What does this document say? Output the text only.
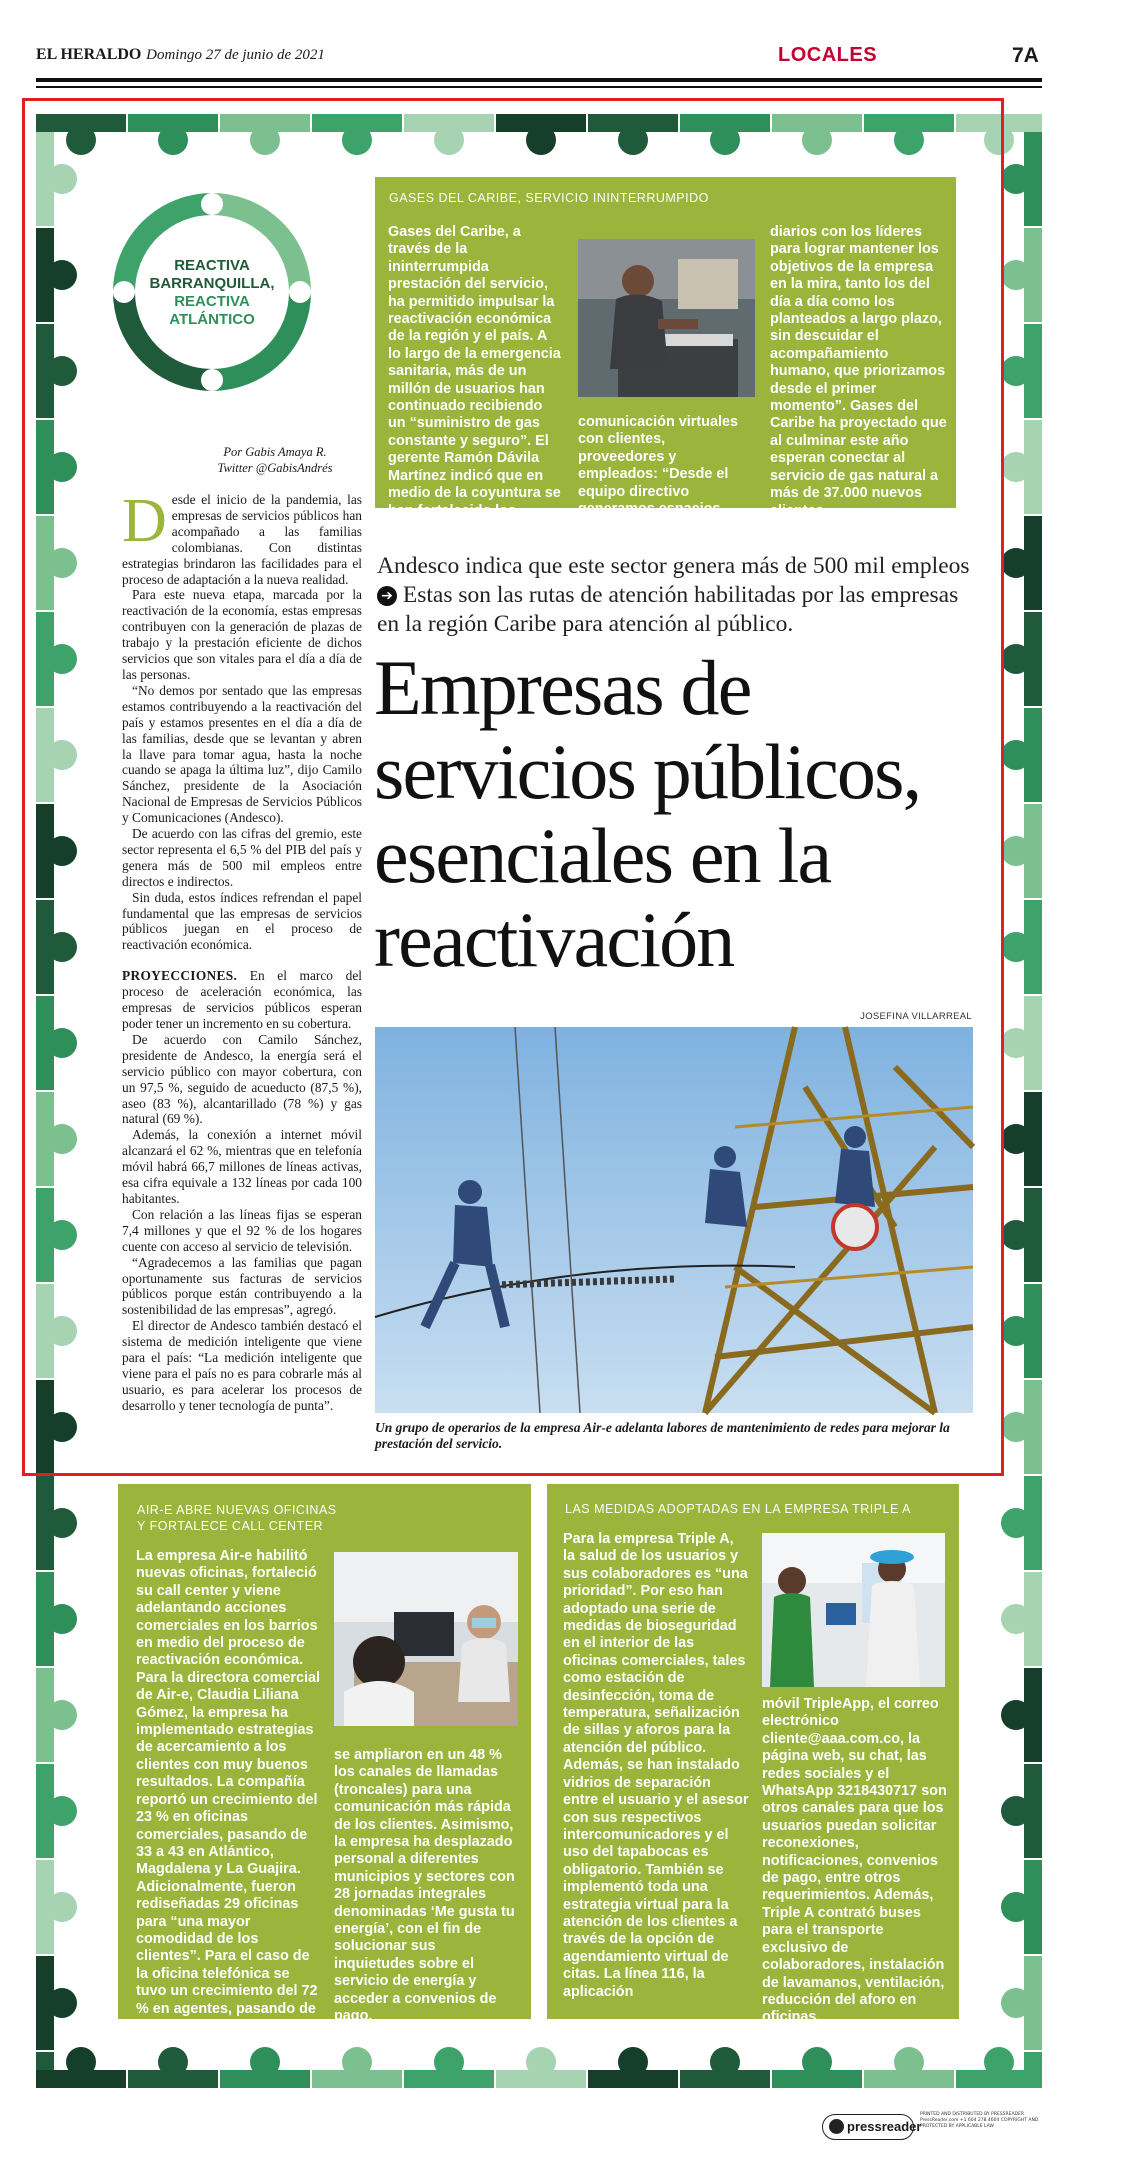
EL HERALDO Domingo 27 de junio de 2021	LOCALES	7A
REACTIVA
BARRANQUILLA,
REACTIVA
ATLÁNTICO
Por Gabis Amaya R.
Twitter @GabisAndrés
GASES DEL CARIBE, SERVICIO ININTERRUMPIDO
Gases del Caribe, a través de la ininterrumpida prestación del servicio, ha permitido impulsar la reactivación económica de la región y el país. A lo largo de la emergencia sanitaria, más de un millón de usuarios han continuado recibiendo un “suministro de gas constante y seguro”. El gerente Ramón Dávila Martínez indicó que en medio de la coyuntura se han fortalecido los canales de
comunicación virtuales con clientes, proveedores y empleados: “Desde el equipo directivo generamos espacios
diarios con los líderes para lograr mantener los objetivos de la empresa en la mira, tanto los del día a día como los planteados a largo plazo, sin descuidar el acompañamiento humano, que priorizamos desde el primer momento”. Gases del Caribe ha proyectado que al culminar este año esperan conectar al servicio de gas natural a más de 37.000 nuevos clientes.
Andesco indica que este sector genera más de 500 mil empleos ➔ Estas son las rutas de atención habilitadas por las empresas en la región Caribe para atención al público.
Empresas de servicios públicos, esenciales en la reactivación

Desde el inicio de la pandemia, las empresas de servicios públicos han acompañado a las familias colombianas. Con distintas estrategias brindaron las facilidades para el proceso de adaptación a la nueva realidad.

Para este nueva etapa, marcada por la reactivación de la economía, estas empresas contribuyen con la generación de plazas de trabajo y la prestación eficiente de dichos servicios que son vitales para el día a día de las personas.

“No demos por sentado que las empresas estamos contribuyendo a la reactivación del país y estamos presentes en el día a día de las familias, desde que se levantan y abren la llave para tomar agua, hasta la noche cuando se apaga la última luz”, dijo Camilo Sánchez, presidente de la Asociación Nacional de Empresas de Servicios Públicos y Comunicaciones (Andesco).

De acuerdo con las cifras del gremio, este sector representa el 6,5 % del PIB del país y genera más de 500 mil empleos entre directos e indirectos.

Sin duda, estos índices refrendan el papel fundamental que las empresas de servicios públicos juegan en el proceso de reactivación económica.

PROYECCIONES. En el marco del proceso de aceleración económica, las empresas de servicios públicos esperan poder tener un incremento en su cobertura.

De acuerdo con Camilo Sánchez, presidente de Andesco, la energía será el servicio público con mayor cobertura, con un 97,5 %, seguido de acueducto (87,5 %), aseo (83 %), alcantarillado (78 %) y gas natural (69 %).

Además, la conexión a internet móvil alcanzará el 62 %, mientras que en telefonía móvil habrá 66,7 millones de líneas activas, esa cifra equivale a 132 líneas por cada 100 habitantes.

Con relación a las líneas fijas se esperan 7,4 millones y que el 92 % de los hogares cuente con acceso al servicio de televisión.

“Agradecemos a las familias que pagan oportunamente sus facturas de servicios públicos porque están contribuyendo a la sostenibilidad de las empresas”, agregó.

El director de Andesco también destacó el sistema de medición inteligente que viene para el país: “La medición inteligente que viene para el país no es para cobrarle más al usuario, es para acelerar los procesos de desarrollo y tener tecnología de punta”.

JOSEFINA VILLARREAL
Un grupo de operarios de la empresa Air-e adelanta labores de mantenimiento de redes para mejorar la prestación del servicio.
AIR-E ABRE NUEVAS OFICINAS
Y FORTALECE CALL CENTER
La empresa Air-e habilitó nuevas oficinas, fortaleció su call center y viene adelantando acciones comerciales en los barrios en medio del proceso de reactivación económica. Para la directora comercial de Air-e, Claudia Liliana Gómez, la empresa ha implementado estrategias de acercamiento a los clientes con muy buenos resultados. La compañía reportó un crecimiento del 23 % en oficinas comerciales, pasando de 33 a 43 en Atlántico, Magdalena y La Guajira. Adicionalmente, fueron rediseñadas 29 oficinas para “una mayor comodidad de los clientes”. Para el caso de la oficina telefónica se tuvo un crecimiento del 72 % en agentes, pasando de 130 a 224 agentes. También
se ampliaron en un 48 % los canales de llamadas (troncales) para una comunicación más rápida de los clientes. Asimismo, la empresa ha desplazado personal a diferentes municipios y sectores con 28 jornadas integrales denominadas ‘Me gusta tu energía’, con el fin de solucionar sus inquietudes sobre el servicio de energía y acceder a convenios de pago.
LAS MEDIDAS ADOPTADAS EN LA EMPRESA TRIPLE A
Para la empresa Triple A, la salud de los usuarios y sus colaboradores es “una prioridad”. Por eso han adoptado una serie de medidas de bioseguridad en el interior de las oficinas comerciales, tales como estación de desinfección, toma de temperatura, señalización de sillas y aforos para la atención del público. Además, se han instalado vidrios de separación entre el usuario y el asesor con sus respectivos intercomunicadores y el uso del tapabocas es obligatorio. También se implementó toda una estrategia virtual para la atención de los clientes a través de la opción de agendamiento virtual de citas. La línea 116, la aplicación
móvil TripleApp, el correo electrónico cliente@aaa.com.co, la página web, su chat, las redes sociales y el WhatsApp 3218430717 son otros canales para que los usuarios puedan solicitar reconexiones, notificaciones, convenios de pago, entre otros requerimientos. Además, Triple A contrató buses para el transporte exclusivo de colaboradores, instalación de lavamanos, ventilación, reducción del aforo en oficinas.
pressreader
PRINTED AND DISTRIBUTED BY PRESSREADER PressReader.com +1 604 278 4604 COPYRIGHT AND PROTECTED BY APPLICABLE LAW
